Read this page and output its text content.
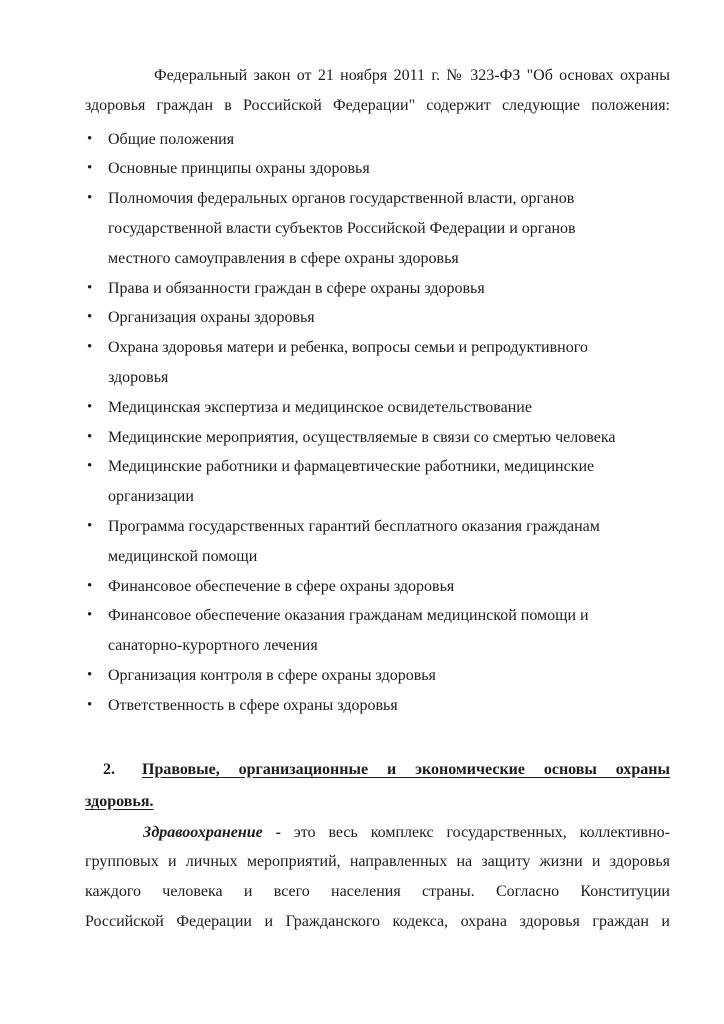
Федеральный закон от 21 ноября 2011 г. № 323-ФЗ "Об основах охраны
здоровья граждан в Российской Федерации" содержит следующие положения:
• Общие положения
• Основные принципы охраны здоровья
• Полномочия федеральных органов государственной власти, органов
государственной власти субъектов Российской Федерации и органов
местного самоуправления в сфере охраны здоровья
• Права и обязанности граждан в сфере охраны здоровья
• Организация охраны здоровья
• Охрана здоровья матери и ребенка, вопросы семьи и репродуктивного
здоровья
• Медицинская экспертиза и медицинское освидетельствование
• Медицинские мероприятия, осуществляемые в связи со смертью человека
• Медицинские работники и фармацевтические работники, медицинские
организации
• Программа государственных гарантий бесплатного оказания гражданам
медицинской помощи
• Финансовое обеспечение в сфере охраны здоровья
• Финансовое обеспечение оказания гражданам медицинской помощи и
санаторно-курортного лечения
• Организация контроля в сфере охраны здоровья
• Ответственность в сфере охраны здоровья
2.	Правовые, организационные и экономические основы охраны
здоровья.
Здравоохранение - это весь комплекс государственных, коллективно-
групповых и личных мероприятий, направленных на защиту жизни и здоровья
каждого человека и всего населения страны. Согласно Конституции
Российской Федерации и Гражданского кодекса, охрана здоровья граждан и
